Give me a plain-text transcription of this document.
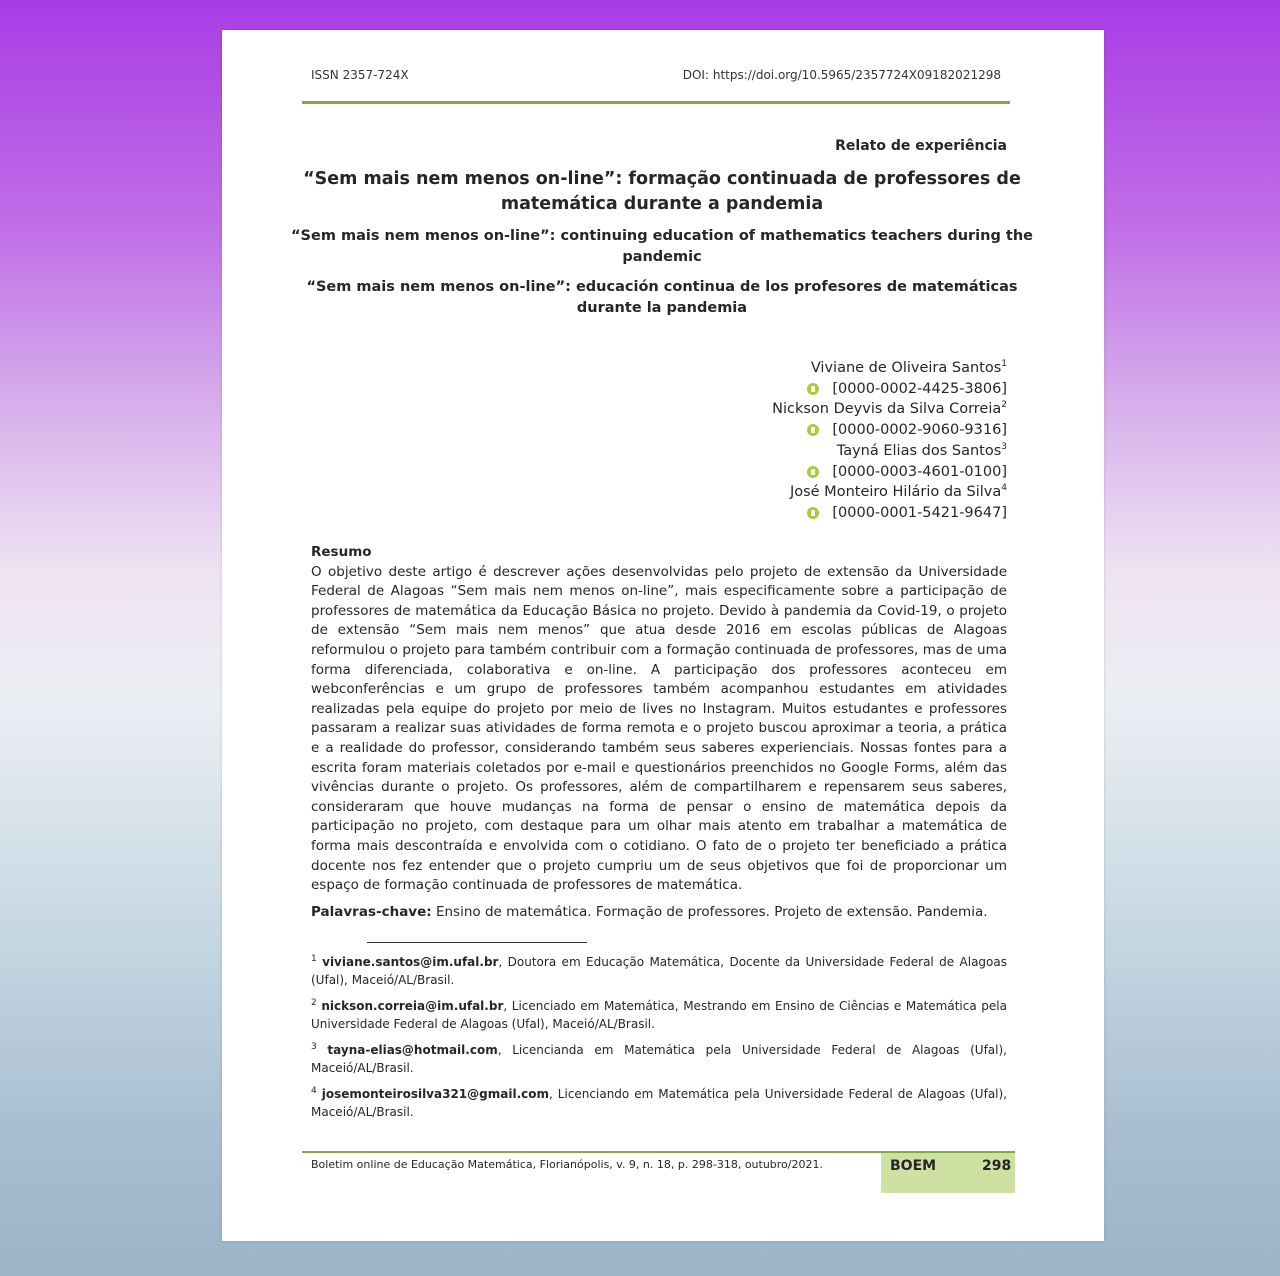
ISSN 2357-724X	DOI: https://doi.org/10.5965/2357724X09182021298
Relato de experiência
“Sem mais nem menos on-line”: formação continuada de professores de
matemática durante a pandemia
“Sem mais nem menos on-line”: continuing education of mathematics teachers during the
pandemic
“Sem mais nem menos on-line”: educación continua de los profesores de matemáticas
durante la pandemia
Viviane de Oliveira Santos$^1$
[0000-0002-4425-3806]
Nickson Deyvis da Silva Correia$^2$
[0000-0002-9060-9316]
Tayná Elias dos Santos$^3$
[0000-0003-4601-0100]
José Monteiro Hilário da Silva$^4$
[0000-0001-5421-9647]
Resumo
O objetivo deste artigo é descrever ações desenvolvidas pelo projeto de extensão da Universidade Federal de Alagoas “Sem mais nem menos on-line”, mais especificamente sobre a participação de professores de matemática da Educação Básica no projeto. Devido à pandemia da Covid-19, o projeto de extensão “Sem mais nem menos” que atua desde 2016 em escolas públicas de Alagoas reformulou o projeto para também contribuir com a formação continuada de professores, mas de uma forma diferenciada, colaborativa e on-line. A participação dos professores aconteceu em webconferências e um grupo de professores também acompanhou estudantes em atividades realizadas pela equipe do projeto por meio de lives no Instagram. Muitos estudantes e professores passaram a realizar suas atividades de forma remota e o projeto buscou aproximar a teoria, a prática e a realidade do professor, considerando também seus saberes experienciais. Nossas fontes para a escrita foram materiais coletados por e-mail e questionários preenchidos no Google Forms, além das vivências durante o projeto. Os professores, além de compartilharem e repensarem seus saberes, consideraram que houve mudanças na forma de pensar o ensino de matemática depois da participação no projeto, com destaque para um olhar mais atento em trabalhar a matemática de forma mais descontraída e envolvida com o cotidiano. O fato de o projeto ter beneficiado a prática docente nos fez entender que o projeto cumpriu um de seus objetivos que foi de proporcionar um espaço de formação continuada de professores de matemática.
Palavras-chave: Ensino de matemática. Formação de professores. Projeto de extensão. Pandemia.
$^1$ viviane.santos@im.ufal.br, Doutora em Educação Matemática, Docente da Universidade Federal de Alagoas (Ufal), Maceió/AL/Brasil.
$^2$ nickson.correia@im.ufal.br, Licenciado em Matemática, Mestrando em Ensino de Ciências e Matemática pela Universidade Federal de Alagoas (Ufal), Maceió/AL/Brasil.
$^3$ tayna-elias@hotmail.com, Licencianda em Matemática pela Universidade Federal de Alagoas (Ufal), Maceió/AL/Brasil.
$^4$ josemonteirosilva321@gmail.com, Licenciando em Matemática pela Universidade Federal de Alagoas (Ufal), Maceió/AL/Brasil.
Boletim online de Educação Matemática, Florianópolis, v. 9, n. 18, p. 298-318, outubro/2021.	BOEM	298
